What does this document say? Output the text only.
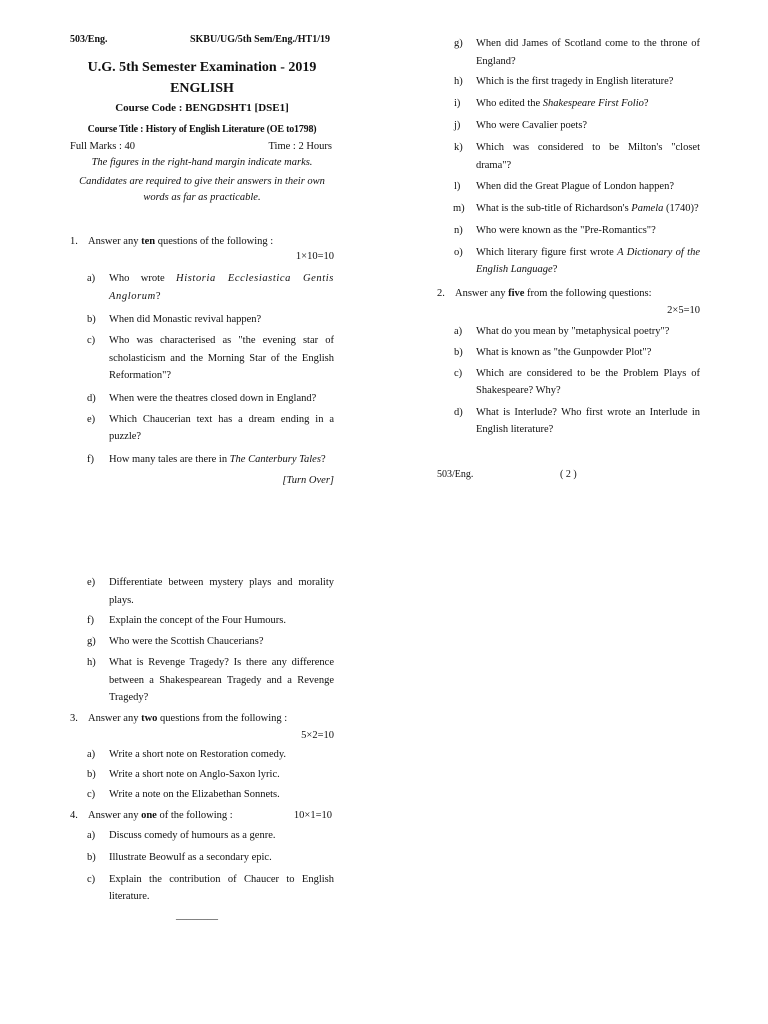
503/Eng.	SKBU/UG/5th Sem/Eng./HT1/19
U.G. 5th Semester Examination - 2019
ENGLISH
Course Code : BENGDSHT1 [DSE1]
Course Title : History of English Literature (OE to1798)
Full Marks : 40	Time : 2 Hours
The figures in the right-hand margin indicate marks.
Candidates are required to give their answers in their own words as far as practicable.
1. Answer any ten questions of the following :
1×10=10
a) Who wrote Historia Ecclesiastica Gentis Anglorum?
b) When did Monastic revival happen?
c) Who was characterised as "the evening star of scholasticism and the Morning Star of the English Reformation"?
d) When were the theatres closed down in England?
e) Which Chaucerian text has a dream ending in a puzzle?
f) How many tales are there in The Canterbury Tales?
[Turn Over]
g) When did James of Scotland come to the throne of England?
h) Which is the first tragedy in English literature?
i) Who edited the Shakespeare First Folio?
j) Who were Cavalier poets?
k) Which was considered to be Milton's "closet drama"?
l) When did the Great Plague of London happen?
m) What is the sub-title of Richardson's Pamela (1740)?
n) Who were known as the "Pre-Romantics"?
o) Which literary figure first wrote A Dictionary of the English Language?
2. Answer any five from the following questions:
2×5=10
a) What do you mean by "metaphysical poetry"?
b) What is known as "the Gunpowder Plot"?
c) Which are considered to be the Problem Plays of Shakespeare? Why?
d) What is Interlude? Who first wrote an Interlude in English literature?
503/Eng.	( 2 )
e) Differentiate between mystery plays and morality plays.
f) Explain the concept of the Four Humours.
g) Who were the Scottish Chaucerians?
h) What is Revenge Tragedy? Is there any difference between a Shakespearean Tragedy and a Revenge Tragedy?
3. Answer any two questions from the following :
5×2=10
a) Write a short note on Restoration comedy.
b) Write a short note on Anglo-Saxon lyric.
c) Write a note on the Elizabethan Sonnets.
4. Answer any one of the following :	10×1=10
a) Discuss comedy of humours as a genre.
b) Illustrate Beowulf as a secondary epic.
c) Explain the contribution of Chaucer to English literature.
________
